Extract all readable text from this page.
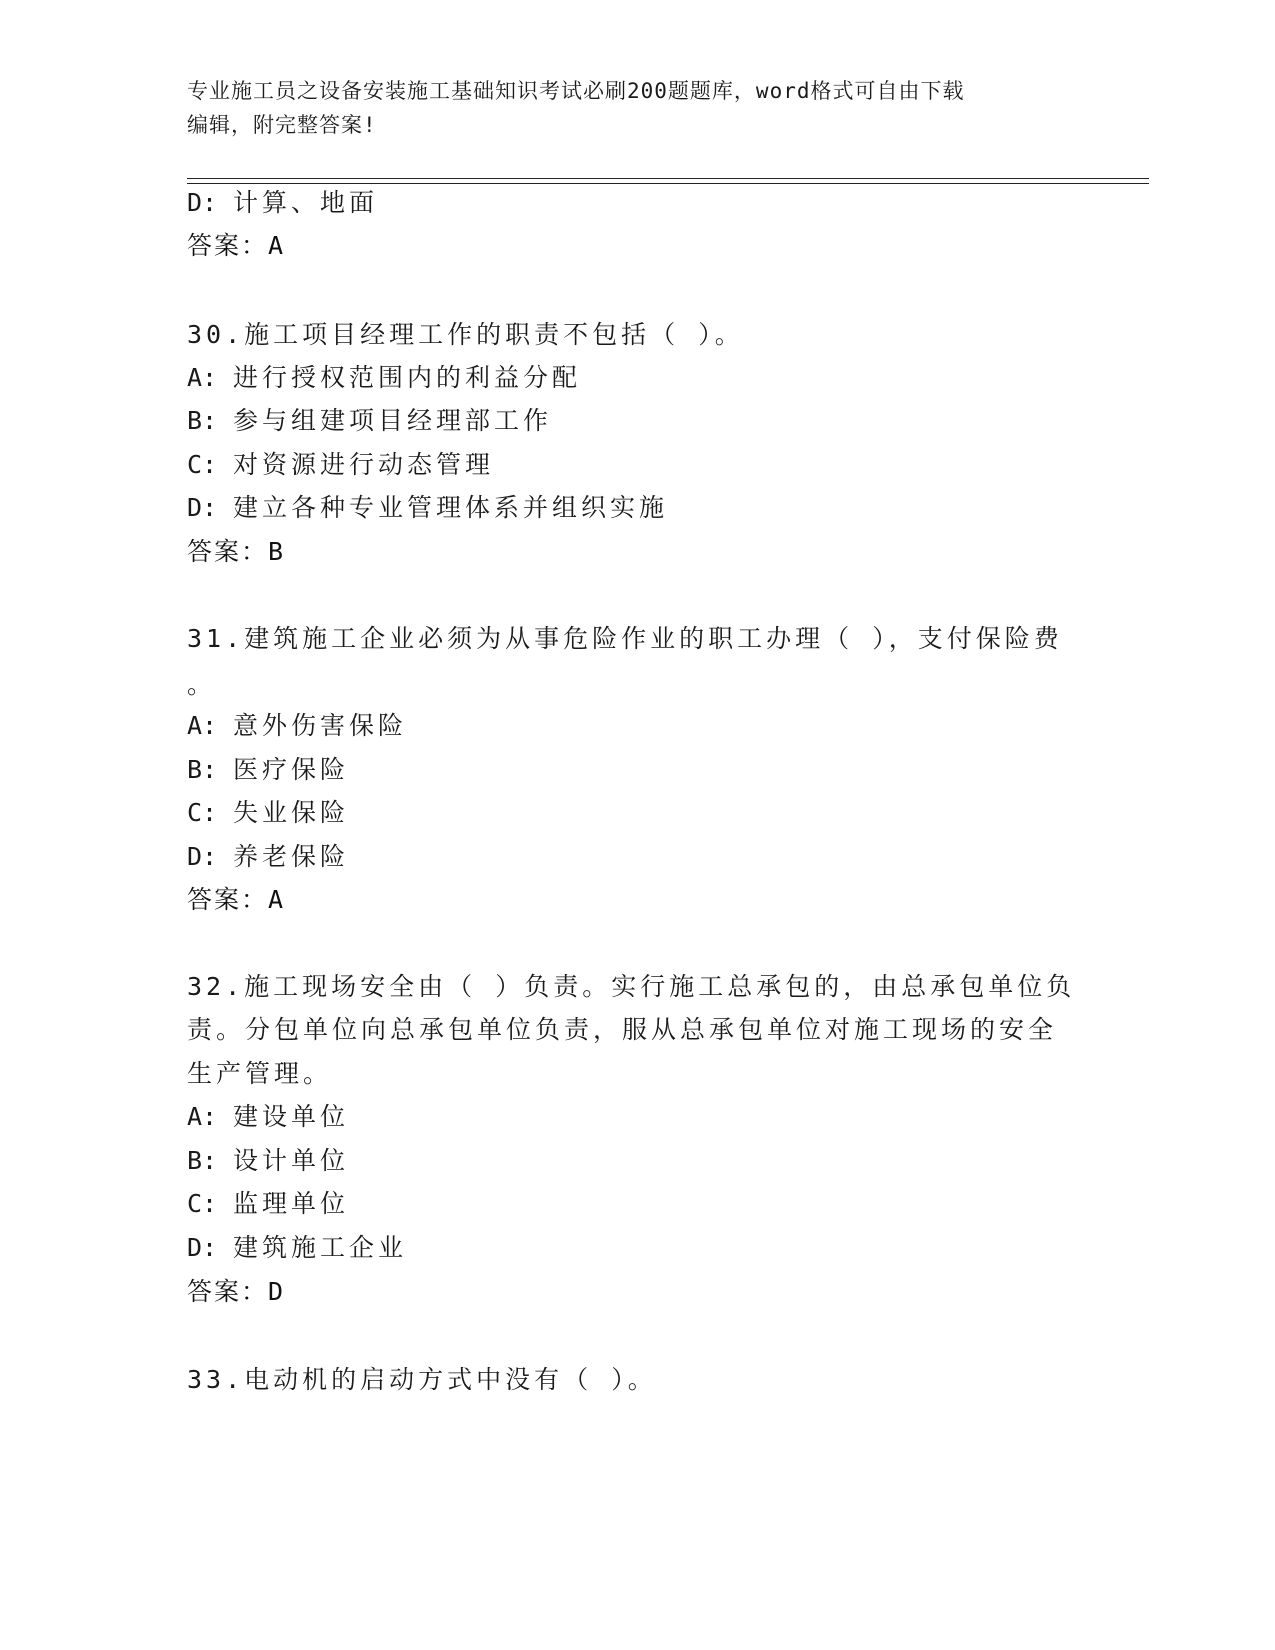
专业施工员之设备安装施工基础知识考试必刷200题题库，word格式可自由下载
编辑，附完整答案!
D: 计算、地面
答案：A
30.施工项目经理工作的职责不包括（ ）。
A: 进行授权范围内的利益分配
B: 参与组建项目经理部工作
C: 对资源进行动态管理
D: 建立各种专业管理体系并组织实施
答案：B
31.建筑施工企业必须为从事危险作业的职工办理（ ），支付保险费
。
A: 意外伤害保险
B: 医疗保险
C: 失业保险
D: 养老保险
答案：A
32.施工现场安全由（ ）负责。实行施工总承包的，由总承包单位负
责。分包单位向总承包单位负责，服从总承包单位对施工现场的安全
生产管理。
A: 建设单位
B: 设计单位
C: 监理单位
D: 建筑施工企业
答案：D
33.电动机的启动方式中没有（ ）。
